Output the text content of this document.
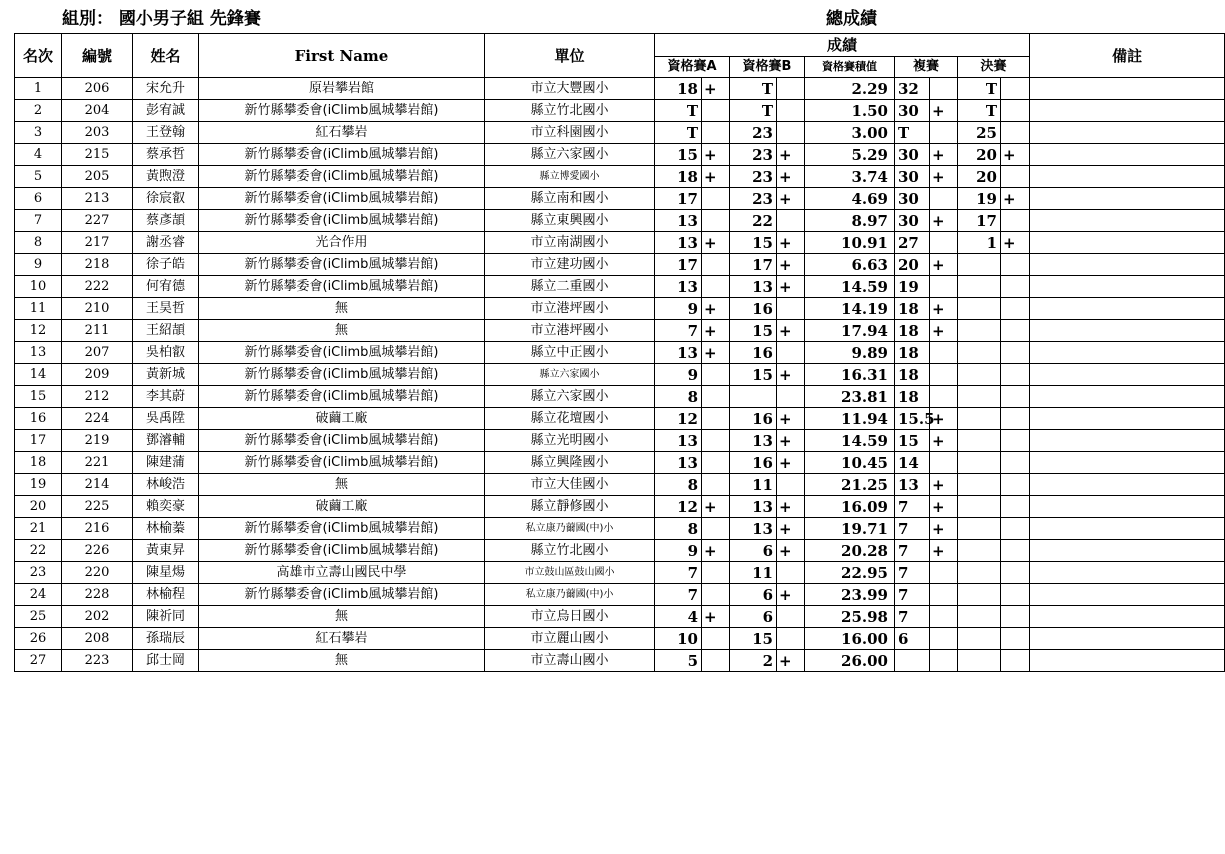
組別： 國小男子組 先鋒賽	總成績
名次	編號	姓名	First Name	單位	成績									備註
					資格賽A		資格賽B		資格賽積值	複賽		決賽		
1	206	宋允升	原岩攀岩館	市立大豐國小	18	+	T		2.29	32		T		
2	204	彭宥誠	新竹縣攀委會(iClimb風城攀岩館)	縣立竹北國小	T		T		1.50	30	+	T		
3	203	王登翰	紅石攀岩	市立科園國小	T		23		3.00	T		25		
4	215	蔡承哲	新竹縣攀委會(iClimb風城攀岩館)	縣立六家國小	15	+	23	+	5.29	30	+	20	+	
5	205	黃煦澄	新竹縣攀委會(iClimb風城攀岩館)	縣立博愛國小	18	+	23	+	3.74	30	+	20		
6	213	徐宸叡	新竹縣攀委會(iClimb風城攀岩館)	縣立南和國小	17		23	+	4.69	30		19	+	
7	227	蔡彥頡	新竹縣攀委會(iClimb風城攀岩館)	縣立東興國小	13		22		8.97	30	+	17		
8	217	謝丞睿	光合作用	市立南湖國小	13	+	15	+	10.91	27		1	+	
9	218	徐子皓	新竹縣攀委會(iClimb風城攀岩館)	市立建功國小	17		17	+	6.63	20	+			
10	222	何宥德	新竹縣攀委會(iClimb風城攀岩館)	縣立二重國小	13		13	+	14.59	19				
11	210	王昊哲	無	市立港坪國小	9	+	16		14.19	18	+			
12	211	王紹頡	無	市立港坪國小	7	+	15	+	17.94	18	+			
13	207	吳柏叡	新竹縣攀委會(iClimb風城攀岩館)	縣立中正國小	13	+	16		9.89	18				
14	209	黃新城	新竹縣攀委會(iClimb風城攀岩館)	縣立六家國小	9		15	+	16.31	18				
15	212	李其蔚	新竹縣攀委會(iClimb風城攀岩館)	縣立六家國小	8				23.81	18				
16	224	吳禹陞	破繭工廠	縣立花壇國小	12		16	+	11.94	15.5	+			
17	219	鄧濬輔	新竹縣攀委會(iClimb風城攀岩館)	縣立光明國小	13		13	+	14.59	15	+			
18	221	陳建蒲	新竹縣攀委會(iClimb風城攀岩館)	縣立興隆國小	13		16	+	10.45	14				
19	214	林峻浩	無	市立大佳國小	8		11		21.25	13	+			
20	225	賴奕豪	破繭工廠	縣立靜修國小	12	+	13	+	16.09	7	+			
21	216	林榆蓁	新竹縣攀委會(iClimb風城攀岩館)	私立康乃薾國(中)小	8		13	+	19.71	7	+			
22	226	黃東昇	新竹縣攀委會(iClimb風城攀岩館)	縣立竹北國小	9	+	6	+	20.28	7	+			
23	220	陳星煬	高雄市立壽山國民中學	市立鼓山區鼓山國小	7		11		22.95	7				
24	228	林榆程	新竹縣攀委會(iClimb風城攀岩館)	私立康乃薾國(中)小	7		6	+	23.99	7				
25	202	陳祈同	無	市立烏日國小	4	+	6		25.98	7				
26	208	孫瑞辰	紅石攀岩	市立麗山國小	10		15		16.00	6				
27	223	邱士岡	無	市立壽山國小	5		2	+	26.00					
